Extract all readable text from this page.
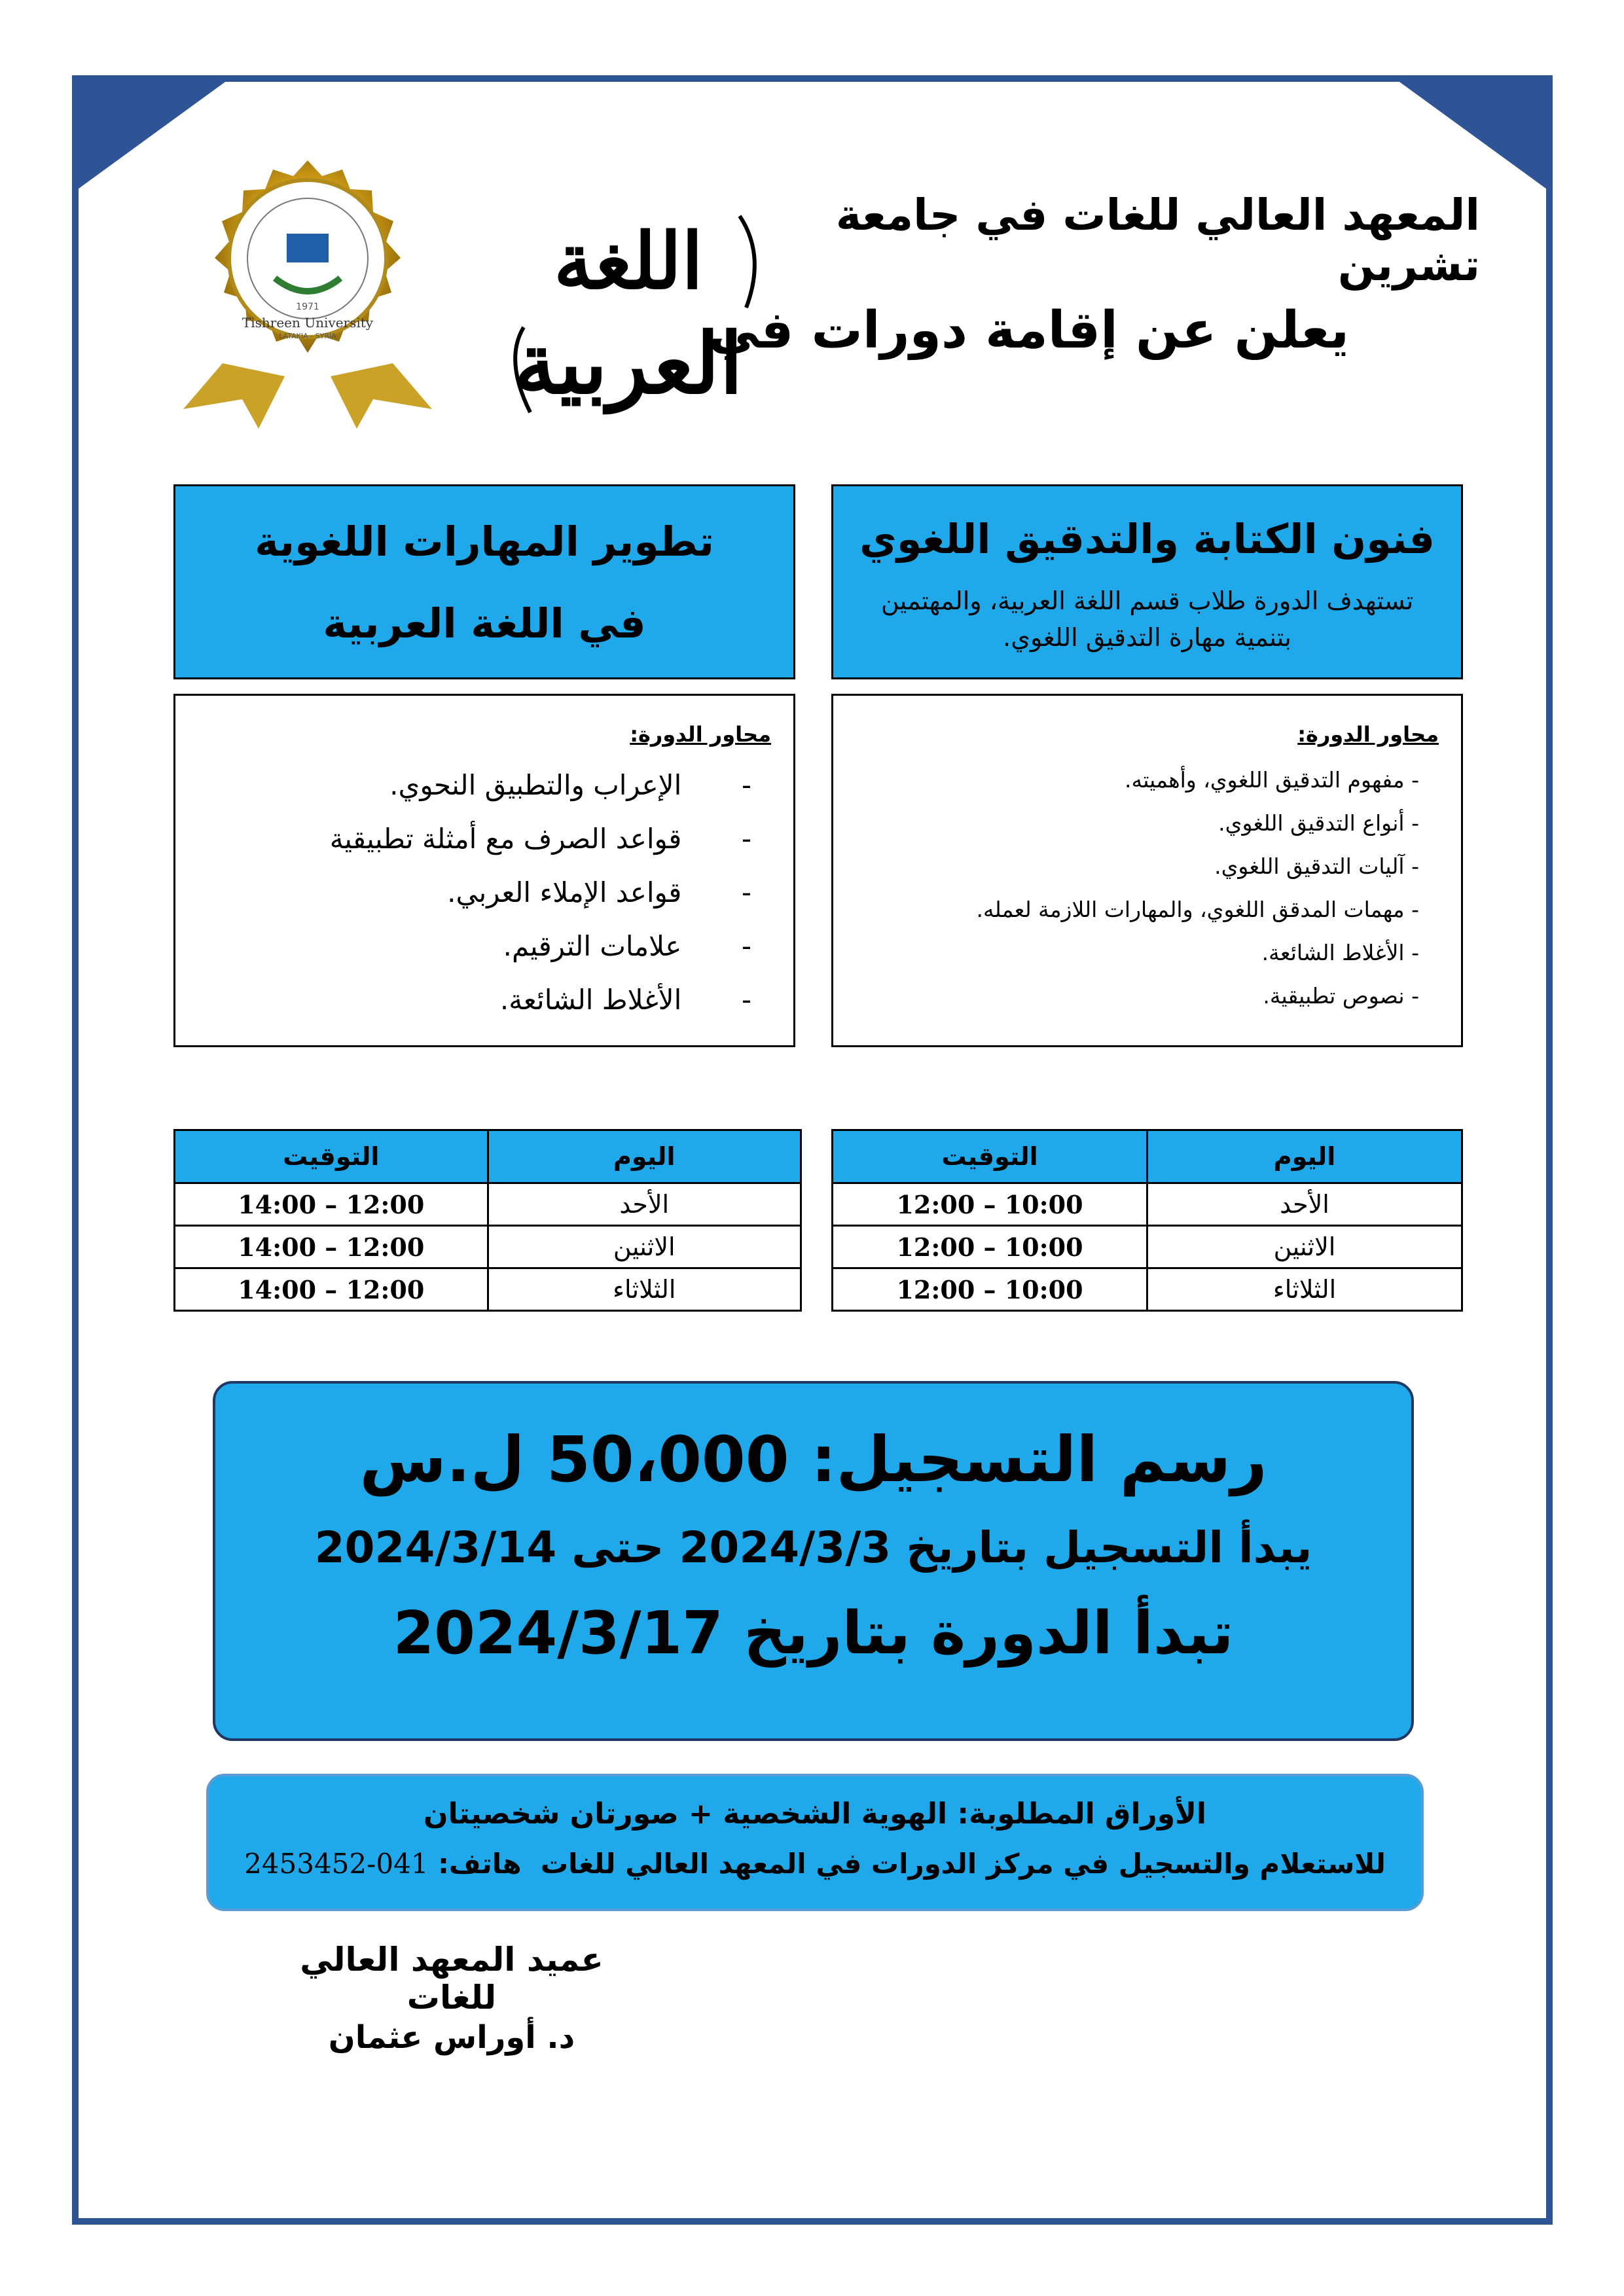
المعهد العالي للغات في جامعة تشرين
يعلن عن إقامة دورات في
اللغة
العربية
1971
Tishreen University
LATAKIA - SYRIA
تطوير المهارات اللغوية
في اللغة العربية
فنون الكتابة والتدقيق اللغوي
تستهدف الدورة طلاب قسم اللغة العربية، والمهتمين
بتنمية مهارة التدقيق اللغوي.
محاور الدورة:
-  الإعراب والتطبيق النحوي.
-  قواعد الصرف مع أمثلة تطبيقية
-  قواعد الإملاء العربي.
-  علامات الترقيم.
-  الأغلاط الشائعة.
محاور الدورة:
- مفهوم التدقيق اللغوي، وأهميته.
- أنواع التدقيق اللغوي.
- آليات التدقيق اللغوي.
- مهمات المدقق اللغوي، والمهارات اللازمة لعمله.
- الأغلاط الشائعة.
- نصوص تطبيقية.
اليوم	التوقيت
الأحد	12:00 – 14:00
الاثنين	12:00 – 14:00
الثلاثاء	12:00 – 14:00
اليوم	التوقيت
الأحد	10:00 – 12:00
الاثنين	10:00 – 12:00
الثلاثاء	10:00 – 12:00
رسم التسجيل: 50،000 ل.س
يبدأ التسجيل بتاريخ 2024/3/3 حتى 2024/3/14
تبدأ الدورة بتاريخ 2024/3/17
الأوراق المطلوبة: الهوية الشخصية + صورتان شخصيتان
للاستعلام والتسجيل في مركز الدورات في المعهد العالي للغات  هاتف: 041-2453452
عميد المعهد العالي للغات
د. أوراس عثمان
